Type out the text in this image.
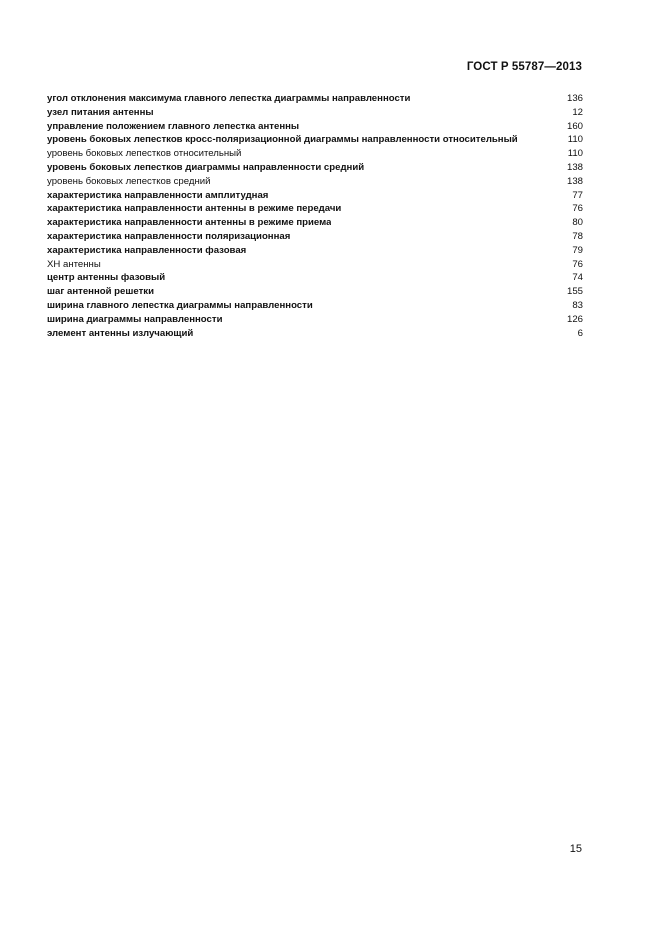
ГОСТ Р 55787—2013
угол отклонения максимума главного лепестка диаграммы направленности	136
узел питания антенны	12
управление положением главного лепестка антенны	160
уровень боковых лепестков кросс-поляризационной диаграммы направленности относительный	110
уровень боковых лепестков относительный	110
уровень боковых лепестков диаграммы направленности средний	138
уровень боковых лепестков средний	138
характеристика направленности амплитудная	77
характеристика направленности антенны в режиме передачи	76
характеристика направленности антенны в режиме приема	80
характеристика направленности поляризационная	78
характеристика направленности фазовая	79
ХН антенны	76
центр антенны фазовый	74
шаг антенной решетки	155
ширина главного лепестка диаграммы направленности	83
ширина диаграммы направленности	126
элемент антенны излучающий	6
15
